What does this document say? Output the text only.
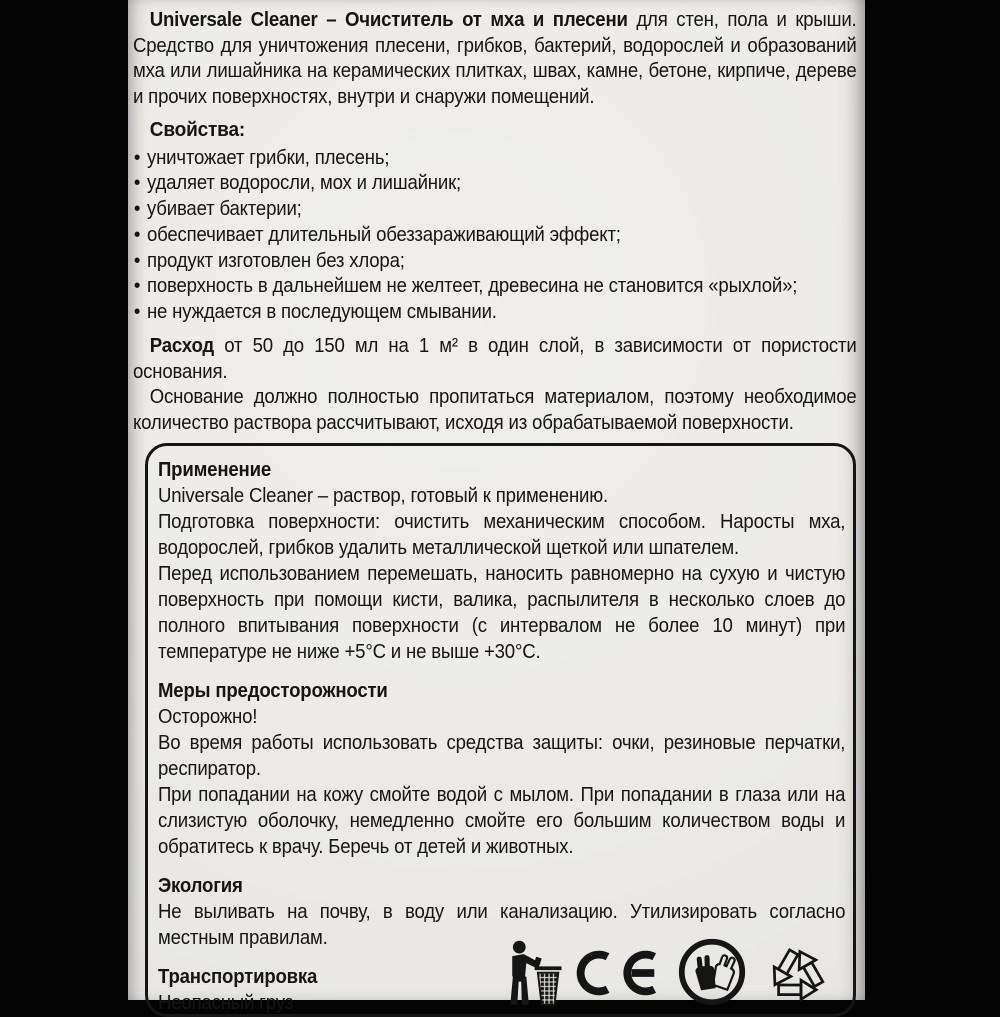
Universale Cleaner – Очиститель от мха и плесени для стен, пола и крыши. Средство для уничтожения плесени, грибков, бактерий, водорослей и образований мха или лишайника на керамических плитках, швах, камне, бетоне, кирпиче, дереве и прочих поверхностях, внутри и снаружи помещений.

Свойства:

• уничтожает грибки, плесень;
• удаляет водоросли, мох и лишайник;
• убивает бактерии;
• обеспечивает длительный обеззараживающий эффект;
• продукт изготовлен без хлора;
• поверхность в дальнейшем не желтеет, древесина не становится «рыхлой»;
• не нуждается в последующем смывании.

Расход от 50 до 150 мл на 1 м² в один слой, в зависимости от пористости основания.

Основание должно полностью пропитаться материалом, поэтому необходимое количество раствора рассчитывают, исходя из обрабатываемой поверхности.

Применение

Universale Cleaner – раствор, готовый к применению.

Подготовка поверхности: очистить механическим способом. Наросты мха, водорослей, грибков удалить металлической щеткой или шпателем.

Перед использованием перемешать, наносить равномерно на сухую и чистую поверхность при помощи кисти, валика, распылителя в несколько слоев до полного впитывания поверхности (с интервалом не более 10 минут) при температуре не ниже +5°С и не выше +30°С.

Меры предосторожности

Осторожно!

Во время работы использовать средства защиты: очки, резиновые перчатки, респиратор.

При попадании на кожу смойте водой с мылом. При попадании в глаза или на слизистую оболочку, немедленно смойте его большим количеством воды и обратитесь к врачу. Беречь от детей и животных.

Экология

Не выливать на почву, в воду или канализацию. Утилизировать согласно местным правилам.

Транспортировка

Неопасный груз
